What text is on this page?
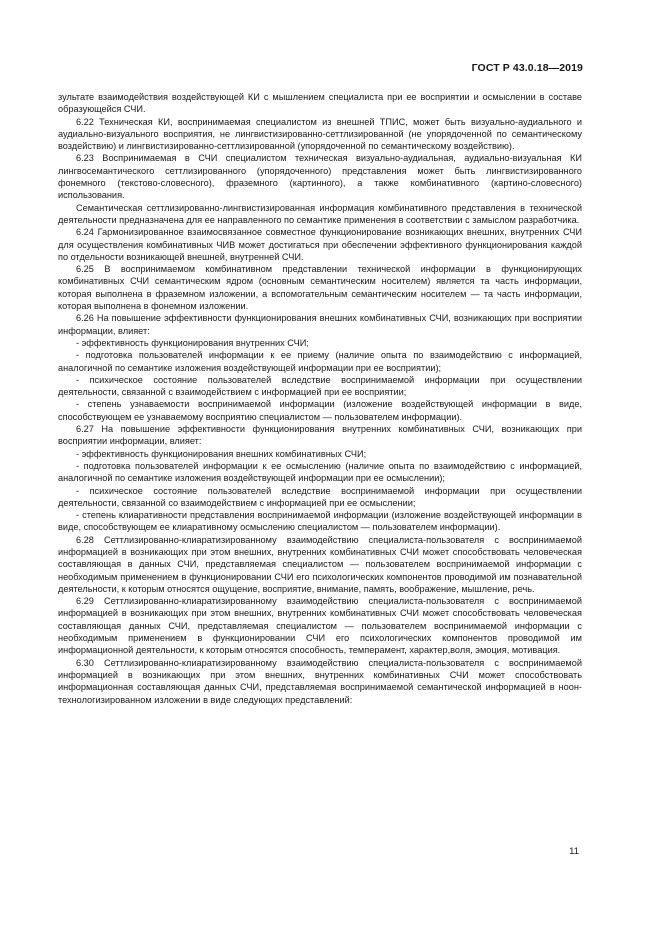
ГОСТ Р 43.0.18—2019

зультате взаимодействия воздействующей КИ с мышлением специалиста при ее восприятии и осмыслении в составе образующейся СЧИ.

6.22 Техническая КИ, воспринимаемая специалистом из внешней ТПИС, может быть визуально-аудиального и аудиально-визуального восприятия, не лингвистизированно-сеттлизированной (не упорядоченной по семантическому воздействию) и лингвистизированно-сеттлизированной (упорядоченной по семантическому воздействию).

6.23 Воспринимаемая в СЧИ специалистом техническая визуально-аудиальная, аудиально-визуальная КИ лингвосемантического сеттлизированного (упорядоченного) представления может быть лингвистизированного фонемного (текстово-словесного), фраземного (картинного), а также комбинативного (картино-словесного) использования.

Семантическая сеттлизированно-лингвистизированная информация комбинативного представления в технической деятельности предназначена для ее направленного по семантике применения в соответствии с замыслом разработчика.

6.24 Гармонизированное взаимосвязанное совместное функционирование возникающих внешних, внутренних СЧИ для осуществления комбинативных ЧИВ может достигаться при обеспечении эффективного функционирования каждой по отдельности возникающей внешней, внутренней СЧИ.

6.25 В воспринимаемом комбинативном представлении технической информации в функционирующих комбинативных СЧИ семантическим ядром (основным семантическим носителем) является та часть информации, которая выполнена в фраземном изложении, а вспомогательным семантическим носителем — та часть информации, которая выполнена в фонемном изложении.

6.26 На повышение эффективности функционирования внешних комбинативных СЧИ, возникающих при восприятии информации, влияет:

- эффективность функционирования внутренних СЧИ;

- подготовка пользователей информации к ее приему (наличие опыта по взаимодействию с информацией, аналогичной по семантике изложения воздействующей информации при ее восприятии);

- психическое состояние пользователей вследствие воспринимаемой информации при осуществлении деятельности, связанной с взаимодействием с информацией при ее восприятии;

- степень узнаваемости воспринимаемой информации (изложение воздействующей информации в виде, способствующем ее узнаваемому восприятию специалистом — пользователем информации).

6.27 На повышение эффективности функционирования внутренних комбинативных СЧИ, возникающих при восприятии информации, влияет:

- эффективность функционирования внешних комбинативных СЧИ;

- подготовка пользователей информации к ее осмыслению (наличие опыта по взаимодействию с информацией, аналогичной по семантике изложения воздействующей информации при ее осмыслении);

- психическое состояние пользователей вследствие воспринимаемой информации при осуществлении деятельности, связанной со взаимодействием с информацией при ее осмыслении;

- степень клиаративности представления воспринимаемой информации (изложение воздействующей информации в виде, способствующем ее клиаративному осмыслению специалистом — пользователем информации).

6.28 Сеттлизированно-клиаратизированному взаимодействию специалиста-пользователя с воспринимаемой информацией в возникающих при этом внешних, внутренних комбинативных СЧИ может способствовать человеческая составляющая в данных СЧИ, представляемая специалистом — пользователем воспринимаемой информации с необходимым применением в функционировании СЧИ его психологических компонентов проводимой им познавательной деятельности, к которым относятся ощущение, восприятие, внимание, память, воображение, мышление, речь.

6.29 Сеттлизированно-клиаратизированному взаимодействию специалиста-пользователя с воспринимаемой информацией в возникающих при этом внешних, внутренних комбинативных СЧИ может способствовать человеческая составляющая данных СЧИ, представляемая специалистом — пользователем воспринимаемой информации с необходимым применением в функционировании СЧИ его психологических компонентов проводимой им информационной деятельности, к которым относятся способность, темперамент, характер,воля, эмоция, мотивация.

6.30 Сеттлизированно-клиаратизированному взаимодействию специалиста-пользователя с воспринимаемой информацией в возникающих при этом внешних, внутренних комбинативных СЧИ может способствовать информационная составляющая данных СЧИ, представляемая воспринимаемой семантической информацией в ноон-технологизированном изложении в виде следующих представлений:

11
